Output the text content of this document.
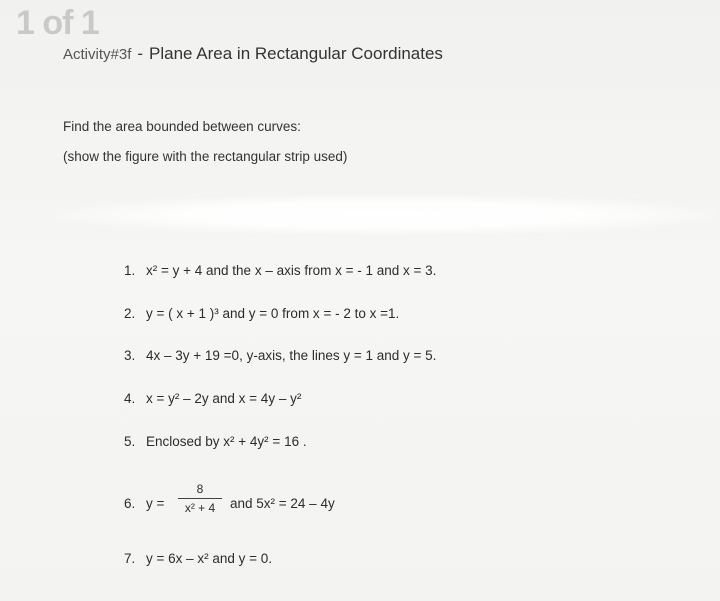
1 of 1
Activity#3f - Plane Area in Rectangular Coordinates
Find the area bounded between curves:
(show the figure with the rectangular strip used)
1. x² = y + 4 and the x – axis from x = - 1 and x = 3.
2. y = ( x + 1 )³ and y = 0 from x = - 2 to x =1.
3. 4x – 3y + 19 =0, y-axis, the lines y = 1 and y = 5.
4. x = y² – 2y and x = 4y – y²
5. Enclosed by x² + 4y² = 16 .
6. y =
8
x² + 4	and 5x² = 24 – 4y
7. y = 6x – x² and y = 0.
